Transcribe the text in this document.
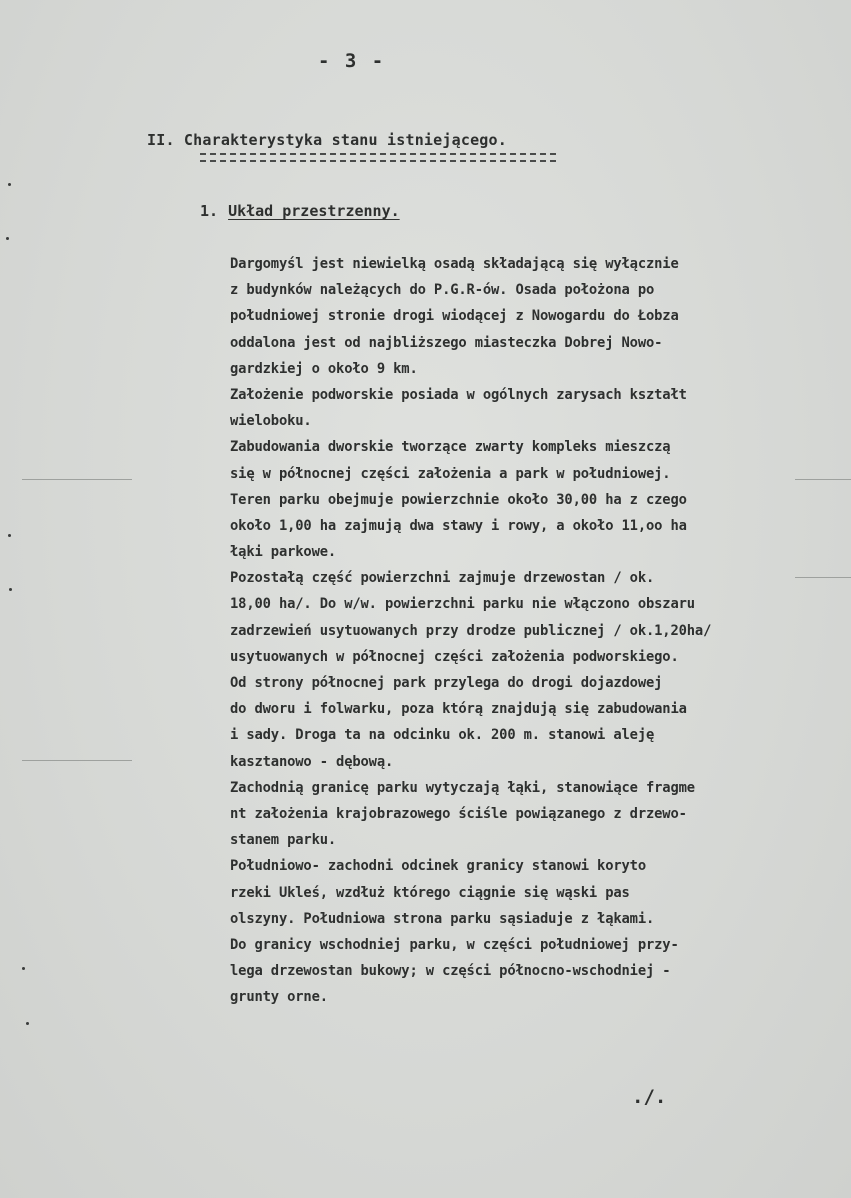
- 3 -
II. Charakterystyka stanu istniejącego.
1. Układ przestrzenny.
Dargomyśl jest niewielką osadą składającą się wyłącznie
z budynków należących do P.G.R-ów. Osada położona po
południowej stronie drogi wiodącej z Nowogardu do Łobza
oddalona jest od najbliższego miasteczka Dobrej Nowo-
gardzkiej o około 9 km.
Założenie podworskie posiada w ogólnych zarysach kształt
wieloboku.
Zabudowania dworskie tworzące zwarty kompleks mieszczą
się w północnej części założenia a park w południowej.
Teren parku obejmuje powierzchnie około 30,00 ha z czego
około 1,00 ha zajmują dwa stawy i rowy, a około 11,oo ha
łąki parkowe.
Pozostałą część powierzchni zajmuje drzewostan / ok.
18,00 ha/. Do w/w. powierzchni parku nie włączono obszaru
zadrzewień usytuowanych przy drodze publicznej / ok.1,20ha/
usytuowanych w północnej części założenia podworskiego.
Od strony północnej park przylega do drogi dojazdowej
do dworu i folwarku, poza którą znajdują się zabudowania
i sady. Droga ta na odcinku ok. 200 m. stanowi aleję
kasztanowo - dębową.
Zachodnią granicę parku wytyczają łąki, stanowiące fragme
nt założenia krajobrazowego ściśle powiązanego z drzewo-
stanem parku.
Południowo- zachodni odcinek granicy stanowi koryto
rzeki Ukleś, wzdłuż którego ciągnie się wąski pas
olszyny. Południowa strona parku sąsiaduje z łąkami.
Do granicy wschodniej parku, w części południowej przy-
lega drzewostan bukowy; w części północno-wschodniej -
grunty orne.
./.
